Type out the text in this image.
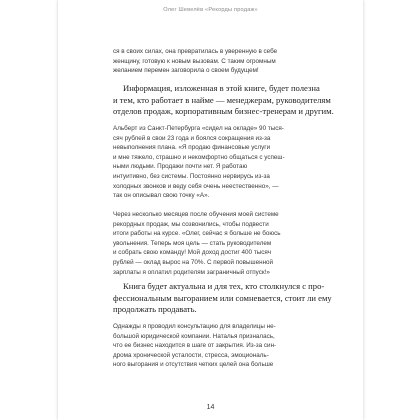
Олег Шевелёв «Рекорды продаж»
ся в своих силах, она превратилась в уверенную в себе
женщину, готовую к новым вызовам. С таким огромным
желанием перемен заговорила о своем будущем!
Информация, изложенная в этой книге, будет полезна
и тем, кто работает в найме — менеджерам, руководителям
отделов продаж, корпоративным бизнес-тренерам и другим.
Альберт из Санкт-Петербурга «сидел на окладе» 90 тыся-
сяч рублей в свои 23 года и боялся сокращения из-за
невыполнения плана. «Я продаю финансовые услуги
и мне тяжело, страшно и некомфортно общаться с успеш-
ными людьми. Продажи почти нет. Я работаю
интуитивно, без системы. Постоянно нервирусь из-за
холодных звонков и веду себя очень неестественно», —
так он описывал свою точку «А».
Через несколько месяцев после обучения моей системе
рекордных продаж, мы созвонились, чтобы подвести
итоги работы на курсе. «Олег, сейчас я больше не боюсь
увольнения. Теперь моя цель — стать руководителем
и собрать свою команду! Мой доход достиг 400 тысяч
рублей — оклад вырос на 70%. С первой повышенной
зарплаты я оплатил родителям заграничный отпуск!»
Книга будет актуальна и для тех, кто столкнулся с про-
фессиональным выгоранием или сомневается, стоит ли ему
продолжать продавать.
Однажды я проводил консультацию для владелицы не-
большой юридической компании. Наталья призналась,
что ее бизнес находится в шаге от закрытия. Из-за син-
дрома хронической усталости, стресса, эмоциональ-
ного выгорания и отсутствия четких целей она больше
14
